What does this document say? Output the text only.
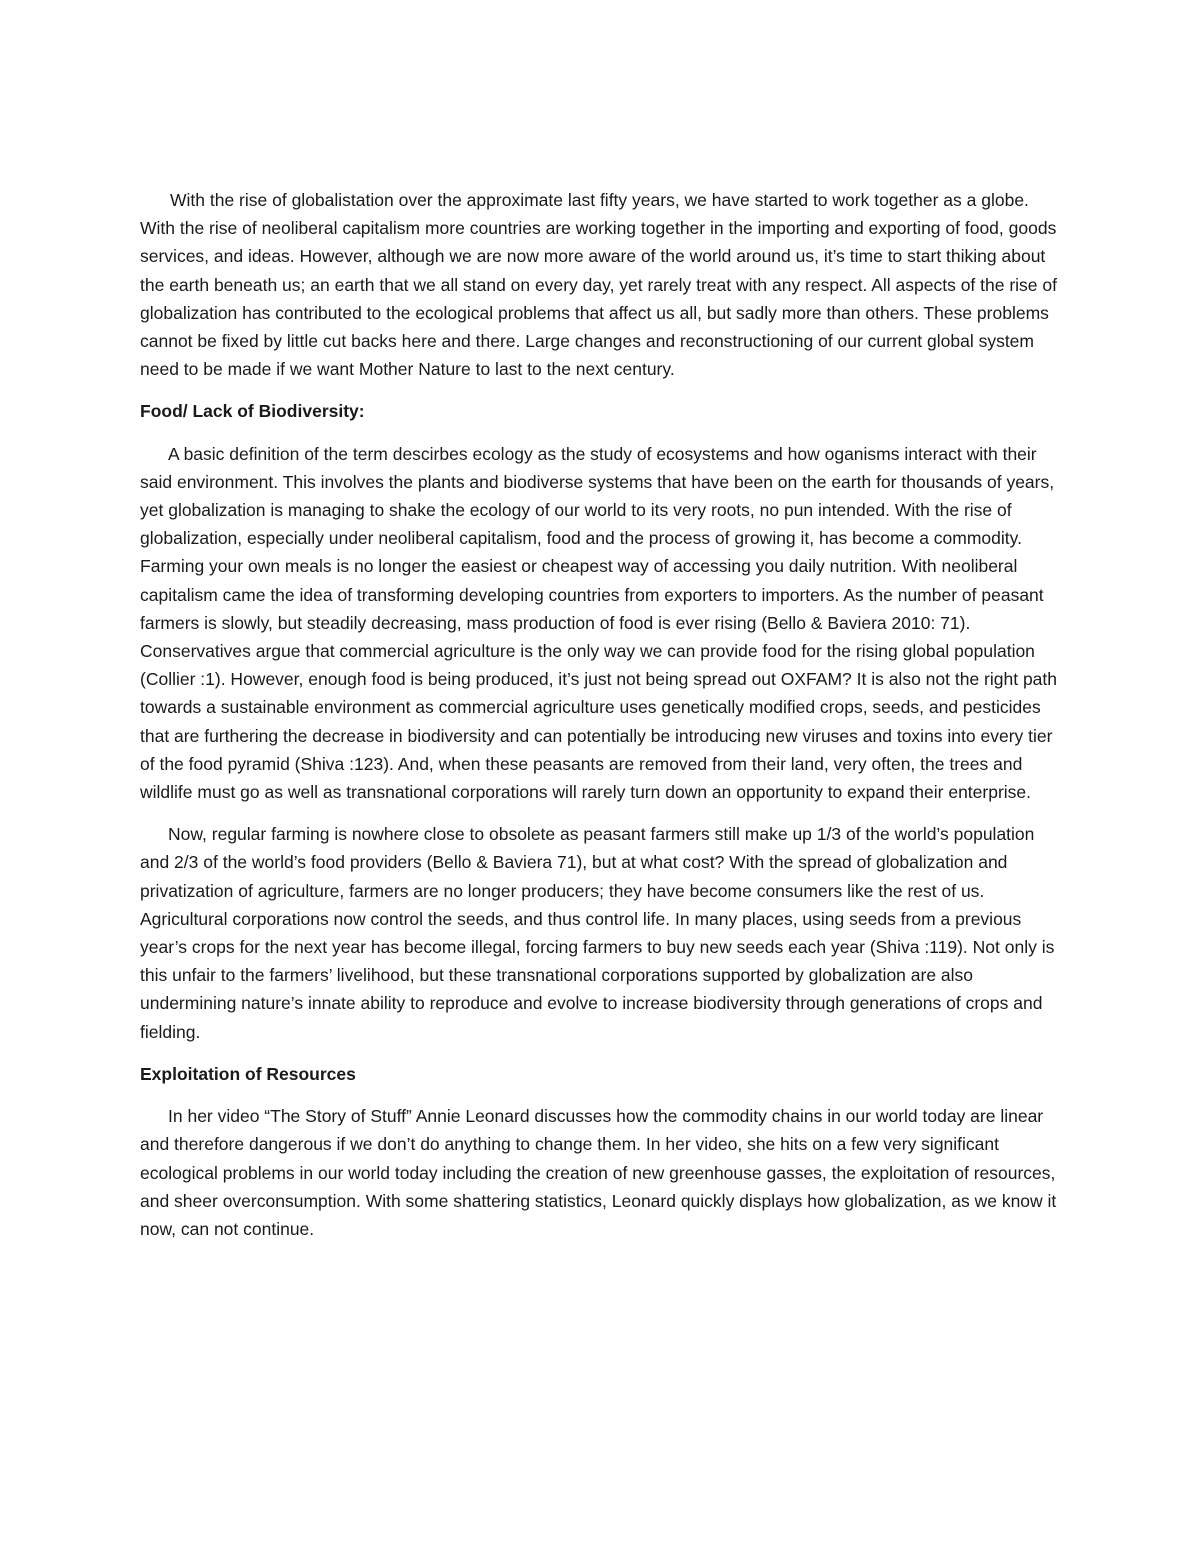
With the rise of globalistation over the approximate last fifty years, we have started to work together as a globe. With the rise of neoliberal capitalism more countries are working together in the importing and exporting of food, goods services, and ideas. However, although we are now more aware of the world around us, it’s time to start thiking about the earth beneath us; an earth that we all stand on every day, yet rarely treat with any respect. All aspects of the rise of globalization has contributed to the ecological problems that affect us all, but sadly more than others. These problems cannot be fixed by little cut backs here and there. Large changes and reconstructioning of our current global system need to be made if we want Mother Nature to last to the next century.

Food/ Lack of Biodiversity:

A basic definition of the term descirbes ecology as the study of ecosystems and how oganisms interact with their said environment. This involves the plants and biodiverse systems that have been on the earth for thousands of years, yet globalization is managing to shake the ecology of our world to its very roots, no pun intended. With the rise of globalization, especially under neoliberal capitalism, food and the process of growing it, has become a commodity. Farming your own meals is no longer the easiest or cheapest way of accessing you daily nutrition. With neoliberal capitalism came the idea of transforming developing countries from exporters to importers. As the number of peasant farmers is slowly, but steadily decreasing, mass production of food is ever rising (Bello & Baviera 2010: 71). Conservatives argue that commercial agriculture is the only way we can provide food for the rising global population (Collier :1). However, enough food is being produced, it’s just not being spread out OXFAM? It is also not the right path towards a sustainable environment as commercial agriculture uses genetically modified crops, seeds, and pesticides that are furthering the decrease in biodiversity and can potentially be introducing new viruses and toxins into every tier of the food pyramid (Shiva :123). And, when these peasants are removed from their land, very often, the trees and wildlife must go as well as transnational corporations will rarely turn down an opportunity to expand their enterprise.

Now, regular farming is nowhere close to obsolete as peasant farmers still make up 1/3 of the world’s population and 2/3 of the world’s food providers (Bello & Baviera 71), but at what cost? With the spread of globalization and privatization of agriculture, farmers are no longer producers; they have become consumers like the rest of us. Agricultural corporations now control the seeds, and thus control life. In many places, using seeds from a previous year’s crops for the next year has become illegal, forcing farmers to buy new seeds each year (Shiva :119). Not only is this unfair to the farmers’ livelihood, but these transnational corporations supported by globalization are also undermining nature’s innate ability to reproduce and evolve to increase biodiversity through generations of crops and fielding.

Exploitation of Resources

In her video “The Story of Stuff” Annie Leonard discusses how the commodity chains in our world today are linear and therefore dangerous if we don’t do anything to change them. In her video, she hits on a few very significant ecological problems in our world today including the creation of new greenhouse gasses, the exploitation of resources, and sheer overconsumption. With some shattering statistics, Leonard quickly displays how globalization, as we know it now, can not continue.
